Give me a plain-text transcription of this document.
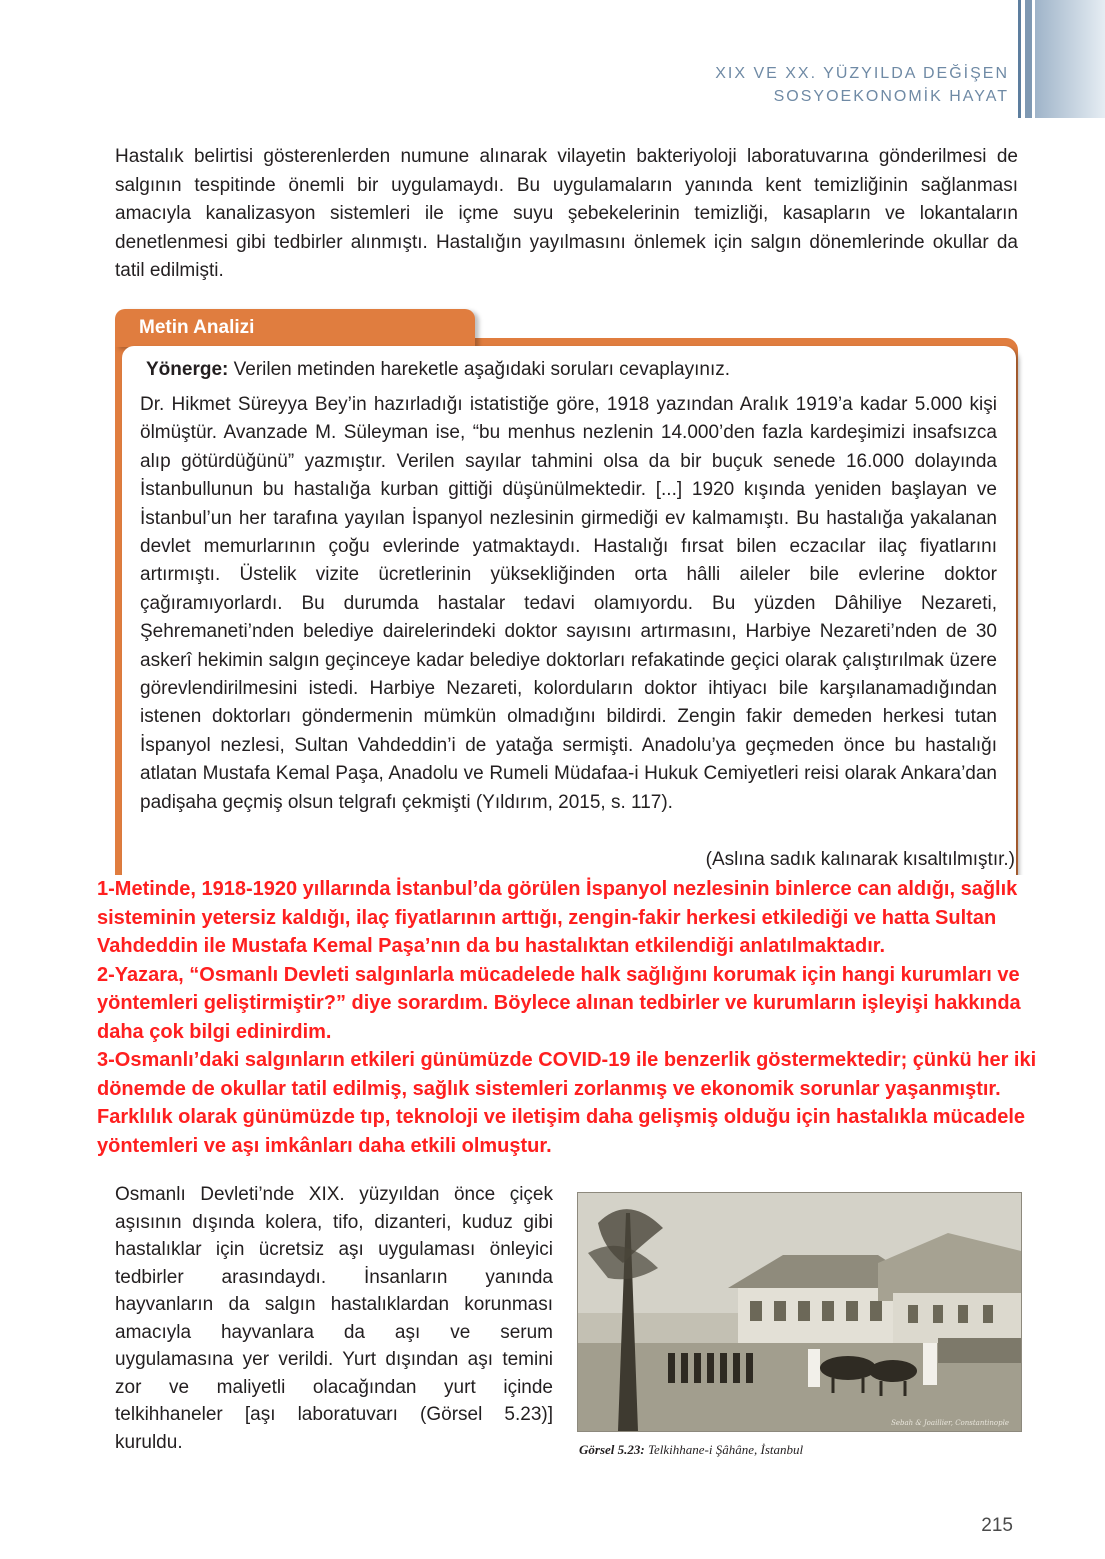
XIX VE XX. YÜZYILDA DEĞİŞEN
SOSYOEKONOMİK HAYAT
Hastalık belirtisi gösterenlerden numune alınarak vilayetin bakteriyoloji laboratuvarına gönderilmesi de salgının tespitinde önemli bir uygulamaydı. Bu uygulamaların yanında kent temizliğinin sağlanması amacıyla kanalizasyon sistemleri ile içme suyu şebekelerinin temizliği, kasapların ve lokantaların denetlenmesi gibi tedbirler alınmıştı. Hastalığın yayılmasını önlemek için salgın dönemlerinde okullar da tatil edilmişti.
Metin Analizi
Yönerge: Verilen metinden hareketle aşağıdaki soruları cevaplayınız.
Dr. Hikmet Süreyya Bey’in hazırladığı istatistiğe göre, 1918 yazından Aralık 1919’a kadar 5.000 kişi ölmüştür. Avanzade M. Süleyman ise, “bu menhus nezlenin 14.000’den fazla kardeşimizi insafsızca alıp götürdüğünü” yazmıştır. Verilen sayılar tahmini olsa da bir buçuk senede 16.000 dolayında İstanbullunun bu hastalığa kurban gittiği düşünülmektedir. [...] 1920 kışında yeniden başlayan ve İstanbul’un her tarafına yayılan İspanyol nezlesinin girmediği ev kalmamıştı. Bu hastalığa yakalanan devlet memurlarının çoğu evlerinde yatmaktaydı. Hastalığı fırsat bilen eczacılar ilaç fiyatlarını artırmıştı. Üstelik vizite ücretlerinin yüksekliğinden orta hâlli aileler bile evlerine doktor çağıramıyorlardı. Bu durumda hastalar tedavi olamıyordu. Bu yüzden Dâhiliye Nezareti, Şehremaneti’nden belediye dairelerindeki doktor sayısını artırmasını, Harbiye Nezareti’nden de 30 askerî hekimin salgın geçinceye kadar belediye doktorları refakatinde geçici olarak çalıştırılmak üzere görevlendirilmesini istedi. Harbiye Nezareti, kolorduların doktor ihtiyacı bile karşılanamadığından istenen doktorları göndermenin mümkün olmadığını bildirdi. Zengin fakir demeden herkesi tutan İspanyol nezlesi, Sultan Vahdeddin’i de yatağa sermişti. Anadolu’ya geçmeden önce bu hastalığı atlatan Mustafa Kemal Paşa, Anadolu ve Rumeli Müdafaa-i Hukuk Cemiyetleri reisi olarak Ankara’dan padişaha geçmiş olsun telgrafı çekmişti (Yıldırım, 2015, s. 117).
(Aslına sadık kalınarak kısaltılmıştır.)

1-Metinde, 1918-1920 yıllarında İstanbul’da görülen İspanyol nezlesinin binlerce can aldığı, sağlık sisteminin yetersiz kaldığı, ilaç fiyatlarının arttığı, zengin-fakir herkesi etkilediği ve hatta Sultan Vahdeddin ile Mustafa Kemal Paşa’nın da bu hastalıktan etkilendiği anlatılmaktadır.

2-Yazara, “Osmanlı Devleti salgınlarla mücadelede halk sağlığını korumak için hangi kurumları ve yöntemleri geliştirmiştir?” diye sorardım. Böylece alınan tedbirler ve kurumların işleyişi hakkında daha çok bilgi edinirdim.

3-Osmanlı’daki salgınların etkileri günümüzde COVID-19 ile benzerlik göstermektedir; çünkü her iki dönemde de okullar tatil edilmiş, sağlık sistemleri zorlanmış ve ekonomik sorunlar yaşanmıştır. Farklılık olarak günümüzde tıp, teknoloji ve iletişim daha gelişmiş olduğu için hastalıkla mücadele yöntemleri ve aşı imkânları daha etkili olmuştur.

Osmanlı Devleti’nde XIX. yüzyıldan önce çiçek aşısının dışında kolera, tifo, dizanteri, kuduz gibi hastalıklar için ücretsiz aşı uygulaması önleyici tedbirler arasındaydı. İnsanların yanında hayvanların da salgın hastalıklardan korunması amacıyla hayvanlara da aşı ve serum uygulamasına yer verildi. Yurt dışından aşı temini zor ve maliyetli olacağından yurt içinde telkihhaneler [aşı laboratuvarı (Görsel 5.23)] kuruldu.
Sebah & Joaillier, Constantinople
Görsel 5.23: Telkihhane-i Şâhâne, İstanbul
215
